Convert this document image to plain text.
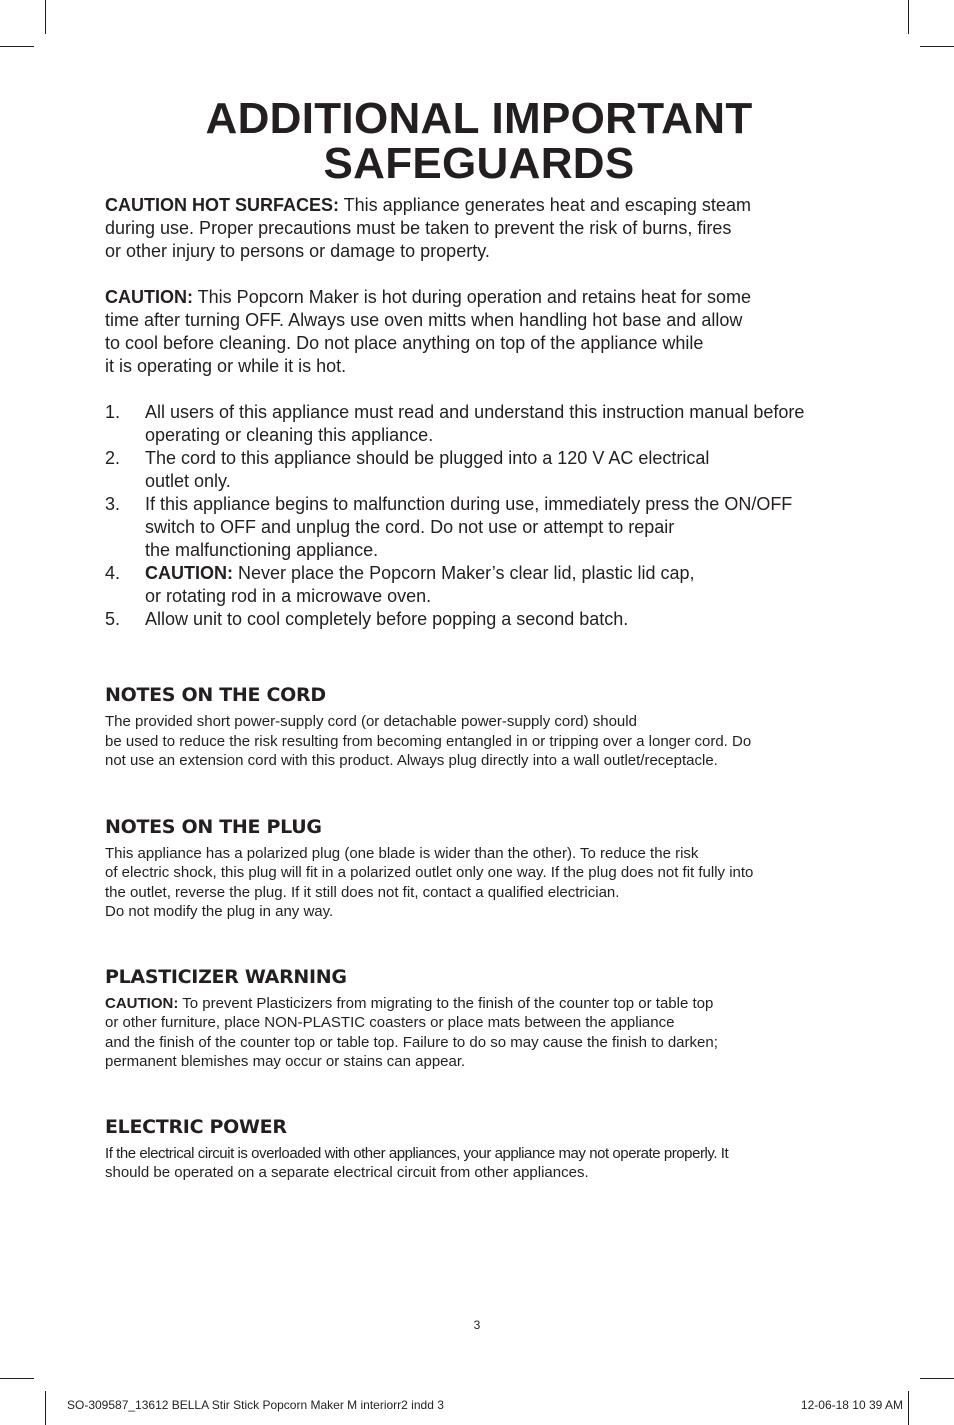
ADDITIONAL IMPORTANT
SAFEGUARDS

CAUTION HOT SURFACES: This appliance generates heat and escaping steam
during use. Proper precautions must be taken to prevent the risk of burns, fires
or other injury to persons or damage to property.

CAUTION: This Popcorn Maker is hot during operation and retains heat for some
time after turning OFF. Always use oven mitts when handling hot base and allow
to cool before cleaning. Do not place anything on top of the appliance while
it is operating or while it is hot.

1. All users of this appliance must read and understand this instruction manual before
operating or cleaning this appliance.
2. The cord to this appliance should be plugged into a 120 V AC electrical
outlet only.
3. If this appliance begins to malfunction during use, immediately press the ON/OFF
switch to OFF and unplug the cord. Do not use or attempt to repair
the malfunctioning appliance.
4. CAUTION: Never place the Popcorn Maker’s clear lid, plastic lid cap,
or rotating rod in a microwave oven.
5. Allow unit to cool completely before popping a second batch.
NOTES ON THE CORD

The provided short power-supply cord (or detachable power-supply cord) should
be used to reduce the risk resulting from becoming entangled in or tripping over a longer cord. Do
not use an extension cord with this product. Always plug directly into a wall outlet/receptacle.

NOTES ON THE PLUG

This appliance has a polarized plug (one blade is wider than the other). To reduce the risk
of electric shock, this plug will fit in a polarized outlet only one way. If the plug does not fit fully into
the outlet, reverse the plug. If it still does not fit, contact a qualified electrician.
Do not modify the plug in any way.

PLASTICIZER WARNING

CAUTION: To prevent Plasticizers from migrating to the finish of the counter top or table top
or other furniture, place NON-PLASTIC coasters or place mats between the appliance
and the finish of the counter top or table top. Failure to do so may cause the finish to darken;
permanent blemishes may occur or stains can appear.

ELECTRIC POWER

If the electrical circuit is overloaded with other appliances, your appliance may not operate properly. It
should be operated on a separate electrical circuit from other appliances.

3
SO-309587_13612 BELLA Stir Stick Popcorn Maker M interiorr2 indd 3	12-06-18 10 39 AM
